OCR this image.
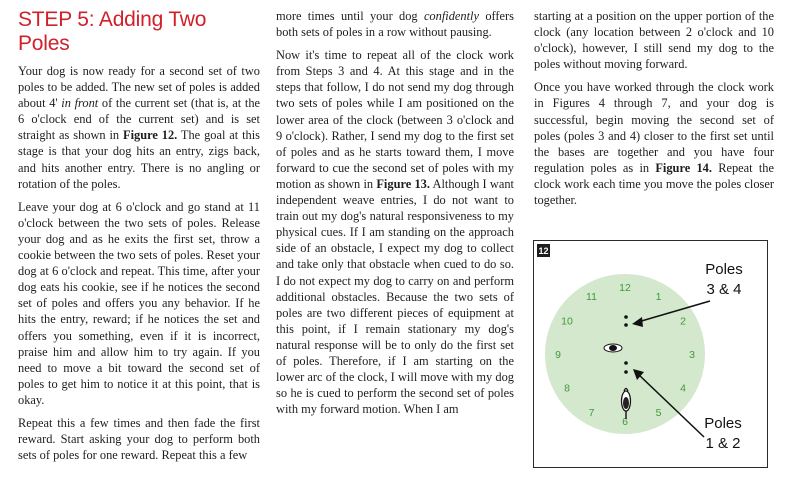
STEP 5: Adding Two Poles

Your dog is now ready for a second set of two poles to be added. The new set of poles is added about 4' in front of the current set (that is, at the 6 o'clock end of the current set) and is set straight as shown in Figure 12. The goal at this stage is that your dog hits an entry, zigs back, and hits another entry. There is no angling or rotation of the poles.

Leave your dog at 6 o'clock and go stand at 11 o'clock between the two sets of poles. Release your dog and as he exits the first set, throw a cookie between the two sets of poles. Reset your dog at 6 o'clock and repeat. This time, after your dog eats his cookie, see if he notices the second set of poles and offers you any behavior. If he hits the entry, reward; if he notices the set and offers you something, even if it is incorrect, praise him and allow him to try again. If you need to move a bit toward the second set of poles to get him to notice it at this point, that is okay.

Repeat this a few times and then fade the first reward. Start asking your dog to perform both sets of poles for one reward. Repeat this a few

more times until your dog confidently offers both sets of poles in a row without pausing.

Now it's time to repeat all of the clock work from Steps 3 and 4. At this stage and in the steps that follow, I do not send my dog through two sets of poles while I am positioned on the lower area of the clock (between 3 o'clock and 9 o'clock). Rather, I send my dog to the first set of poles and as he starts toward them, I move forward to cue the second set of poles with my motion as shown in Figure 13. Although I want independent weave entries, I do not want to train out my dog's natural responsiveness to my physical cues. If I am standing on the approach side of an obstacle, I expect my dog to collect and take only that obstacle when cued to do so. I do not expect my dog to carry on and perform additional obstacles. Because the two sets of poles are two different pieces of equipment at this point, if I remain stationary my dog's natural response will be to only do the first set of poles. Therefore, if I am starting on the lower arc of the clock, I will move with my dog so he is cued to perform the second set of poles with my forward motion. When I am

starting at a position on the upper portion of the clock (any location between 2 o'clock and 10 o'clock), however, I still send my dog to the poles without moving forward.

Once you have worked through the clock work in Figures 4 through 7, and your dog is successful, begin moving the second set of poles (poles 3 and 4) closer to the first set until the bases are together and you have four regulation poles as in Figure 14. Repeat the clock work each time you move the poles closer together.

12
12
1
2
3
4
5
6
7
8
9
10
11
Poles
3 & 4
Poles
1 & 2
